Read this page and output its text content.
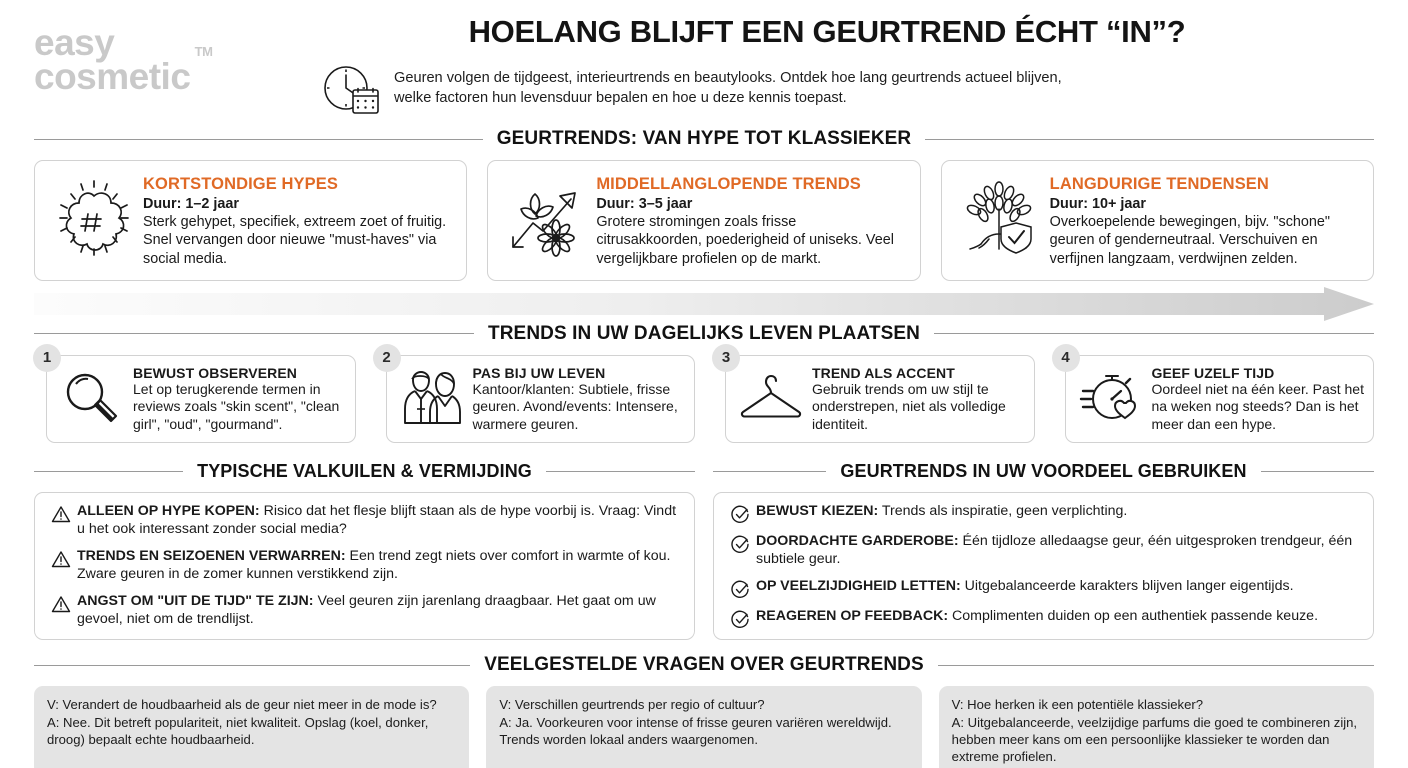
easy
cosmetic
TM
HOELANG BLIJFT EEN GEURTREND ÉCHT “IN”?

Geuren volgen de tijdgeest, interieurtrends en beautylooks. Ontdek hoe lang geurtrends actueel blijven, welke factoren hun levensduur bepalen en hoe u deze kennis toepast.

GEURTRENDS: VAN HYPE TOT KLASSIEKER
KORTSTONDIGE HYPES
Duur: 1–2 jaar
Sterk gehypet, specifiek, extreem zoet of fruitig. Snel vervangen door nieuwe "must-haves" via social media.
MIDDELLANGLOPENDE TRENDS
Duur: 3–5 jaar
Grotere stromingen zoals frisse citrusakkoorden, poederigheid of uniseks. Veel vergelijkbare profielen op de markt.
LANGDURIGE TENDENSEN
Duur: 10+ jaar
Overkoepelende bewegingen, bijv. "schone" geuren of genderneutraal. Verschuiven en verfijnen langzaam, verdwijnen zelden.
TRENDS IN UW DAGELIJKS LEVEN PLAATSEN
1
BEWUST OBSERVEREN
Let op terugkerende termen in reviews zoals "skin scent", "clean girl", "oud", "gourmand".
2
PAS BIJ UW LEVEN
Kantoor/klanten: Subtiele, frisse geuren. Avond/events: Intensere, warmere geuren.
3
TREND ALS ACCENT
Gebruik trends om uw stijl te onderstrepen, niet als volledige identiteit.
4
GEEF UZELF TIJD
Oordeel niet na één keer. Past het na weken nog steeds? Dan is het meer dan een hype.
TYPISCHE VALKUILEN & VERMIJDING
ALLEEN OP HYPE KOPEN: Risico dat het flesje blijft staan als de hype voorbij is. Vraag: Vindt u het ook interessant zonder social media?
TRENDS EN SEIZOENEN VERWARREN: Een trend zegt niets over comfort in warmte of kou. Zware geuren in de zomer kunnen verstikkend zijn.
ANGST OM "UIT DE TIJD" TE ZIJN: Veel geuren zijn jarenlang draagbaar. Het gaat om uw gevoel, niet om de trendlijst.
GEURTRENDS IN UW VOORDEEL GEBRUIKEN
BEWUST KIEZEN: Trends als inspiratie, geen verplichting.
DOORDACHTE GARDEROBE: Één tijdloze alledaagse geur, één uitgesproken trendgeur, één subtiele geur.
OP VEELZIJDIGHEID LETTEN: Uitgebalanceerde karakters blijven langer eigentijds.
REAGEREN OP FEEDBACK: Complimenten duiden op een authentiek passende keuze.
VEELGESTELDE VRAGEN OVER GEURTRENDS
V: Verandert de houdbaarheid als de geur niet meer in de mode is?
A: Nee. Dit betreft populariteit, niet kwaliteit. Opslag (koel, donker, droog) bepaalt echte houdbaarheid.
V: Verschillen geurtrends per regio of cultuur?
A: Ja. Voorkeuren voor intense of frisse geuren variëren wereldwijd. Trends worden lokaal anders waargenomen.
V: Hoe herken ik een potentiële klassieker?
A: Uitgebalanceerde, veelzijdige parfums die goed te combineren zijn, hebben meer kans om een persoonlijke klassieker te worden dan extreme profielen.
